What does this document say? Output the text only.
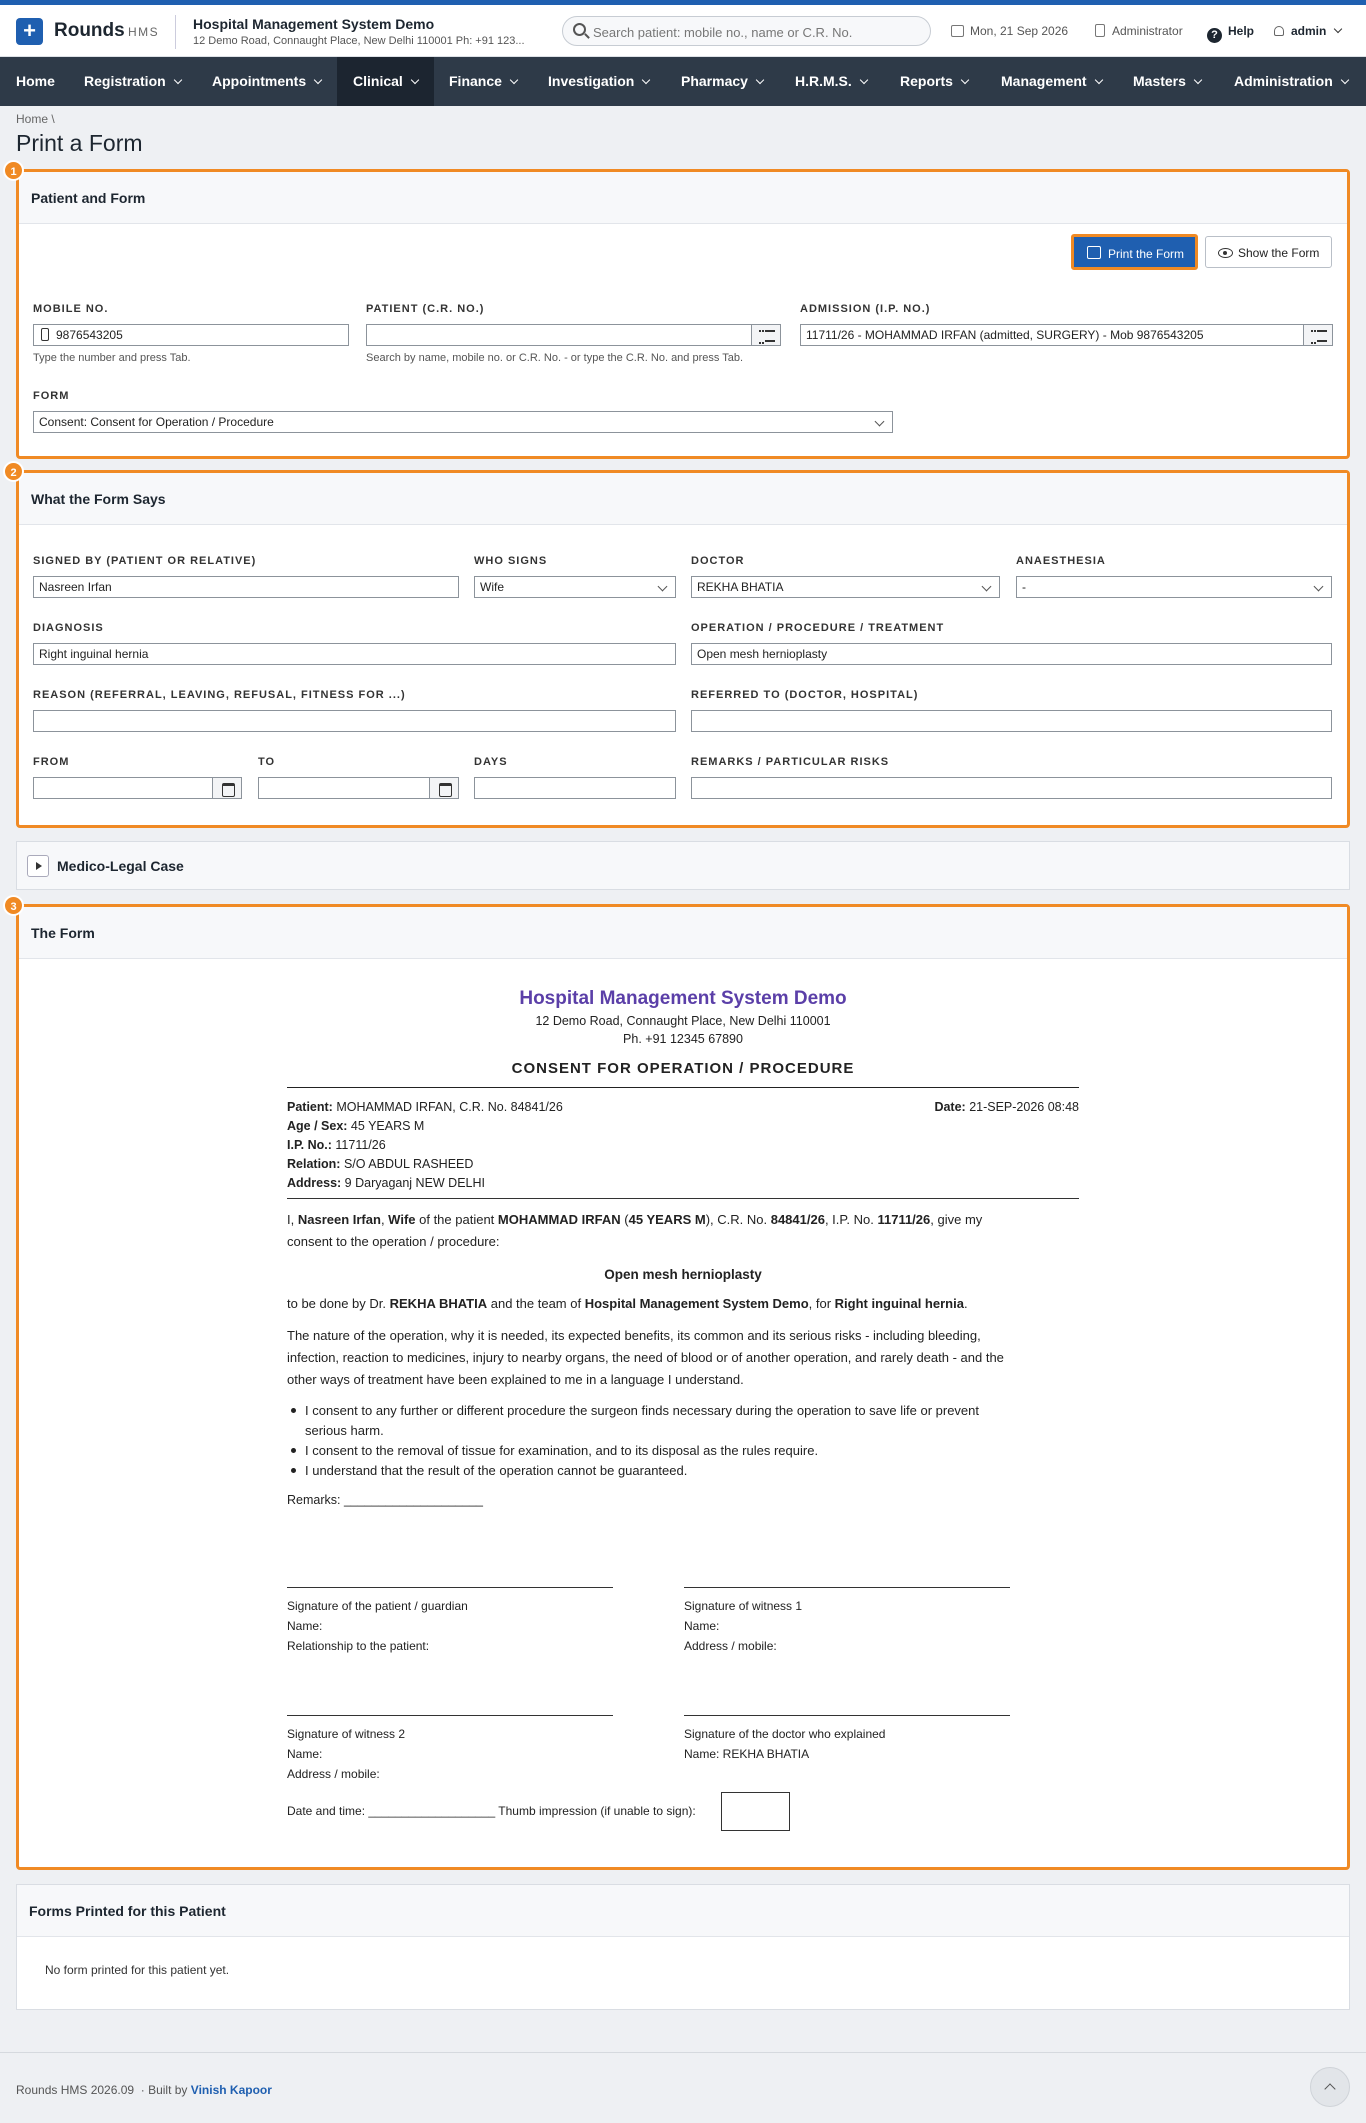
+ Rounds HMS Hospital Management System Demo
12 Demo Road, Connaught Place, New Delhi 110001 Ph: +91 123...
Search patient: mobile no., name or C.R. No.	Mon, 21 Sep 2026	Administrator	? Help	admin
Home	Registration	Appointments	Clinical	Finance	Investigation	Pharmacy	H.R.M.S.	Reports	Management	Masters	Administration
Home \
Print a Form
1
Patient and Form
Print the Form	Show the Form
MOBILE NO.
9876543205
Type the number and press Tab.
PATIENT (C.R. NO.)
Search by name, mobile no. or C.R. No. - or type the C.R. No. and press Tab.
ADMISSION (I.P. NO.)
11711/26 - MOHAMMAD IRFAN (admitted, SURGERY) - Mob 9876543205
FORM
Consent: Consent for Operation / Procedure
2
What the Form Says
SIGNED BY (PATIENT OR RELATIVE)
Nasreen Irfan
WHO SIGNS
Wife
DOCTOR
REKHA BHATIA
ANAESTHESIA
-
DIAGNOSIS
Right inguinal hernia
OPERATION / PROCEDURE / TREATMENT
Open mesh hernioplasty
REASON (REFERRAL, LEAVING, REFUSAL, FITNESS FOR ...)	REFERRED TO (DOCTOR, HOSPITAL)
FROM	TO	DAYS	REMARKS / PARTICULAR RISKS
Medico-Legal Case
3
The Form
Hospital Management System Demo
12 Demo Road, Connaught Place, New Delhi 110001
Ph. +91 12345 67890
CONSENT FOR OPERATION / PROCEDURE
Patient: MOHAMMAD IRFAN, C.R. No. 84841/26	Date: 21-SEP-2026 08:48
Age / Sex: 45 YEARS M
I.P. No.: 11711/26
Relation: S/O ABDUL RASHEED
Address: 9 Daryaganj NEW DELHI
I, Nasreen Irfan, Wife of the patient MOHAMMAD IRFAN (45 YEARS M), C.R. No. 84841/26, I.P. No. 11711/26, give my
consent to the operation / procedure:
Open mesh hernioplasty
to be done by Dr. REKHA BHATIA and the team of Hospital Management System Demo, for Right inguinal hernia.
The nature of the operation, why it is needed, its expected benefits, its common and its serious risks - including bleeding,
infection, reaction to medicines, injury to nearby organs, the need of blood or of another operation, and rarely death - and the
other ways of treatment have been explained to me in a language I understand.
I consent to any further or different procedure the surgeon finds necessary during the operation to save life or prevent
serious harm.
I consent to the removal of tissue for examination, and to its disposal as the rules require.
I understand that the result of the operation cannot be guaranteed.
Remarks: ____________________
Signature of the patient / guardian
Name:
Relationship to the patient:
Signature of witness 1
Name:
Address / mobile:
Signature of witness 2
Name:
Address / mobile:
Signature of the doctor who explained
Name: REKHA BHATIA
Date and time: ___________________ Thumb impression (if unable to sign):
Forms Printed for this Patient
No form printed for this patient yet.
Rounds HMS 2026.09 · Built by Vinish Kapoor
